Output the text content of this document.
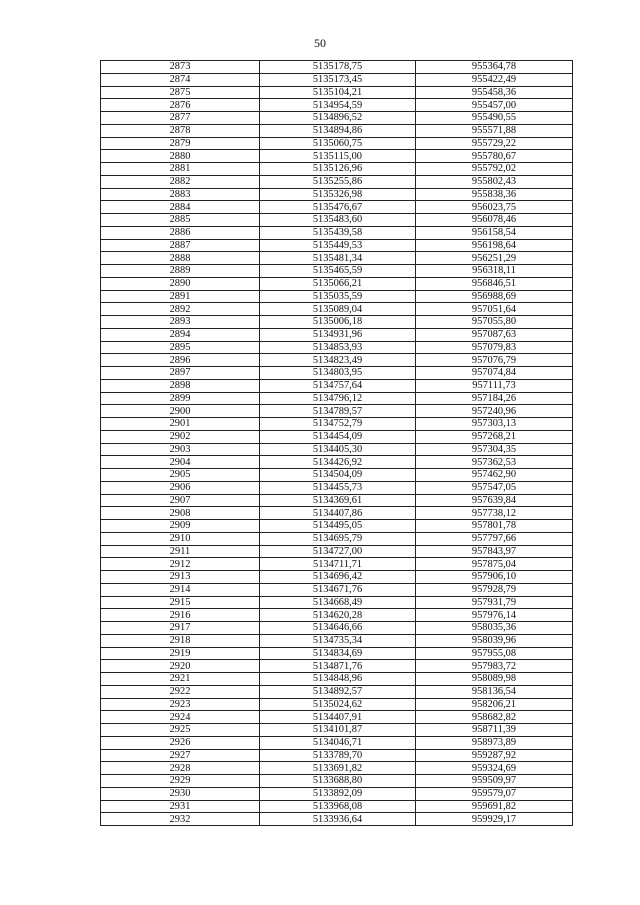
50
2873	5135178,75	955364,78
2874	5135173,45	955422,49
2875	5135104,21	955458,36
2876	5134954,59	955457,00
2877	5134896,52	955490,55
2878	5134894,86	955571,88
2879	5135060,75	955729,22
2880	5135115,00	955780,67
2881	5135126,96	955792,02
2882	5135255,86	955802,43
2883	5135326,98	955838,36
2884	5135476,67	956023,75
2885	5135483,60	956078,46
2886	5135439,58	956158,54
2887	5135449,53	956198,64
2888	5135481,34	956251,29
2889	5135465,59	956318,11
2890	5135066,21	956846,51
2891	5135035,59	956988,69
2892	5135089,04	957051,64
2893	5135006,18	957055,80
2894	5134931,96	957087,63
2895	5134853,93	957079,83
2896	5134823,49	957076,79
2897	5134803,95	957074,84
2898	5134757,64	957111,73
2899	5134796,12	957184,26
2900	5134789,57	957240,96
2901	5134752,79	957303,13
2902	5134454,09	957268,21
2903	5134405,30	957304,35
2904	5134426,92	957362,53
2905	5134504,09	957462,90
2906	5134455,73	957547,05
2907	5134369,61	957639,84
2908	5134407,86	957738,12
2909	5134495,05	957801,78
2910	5134695,79	957797,66
2911	5134727,00	957843,97
2912	5134711,71	957875,04
2913	5134696,42	957906,10
2914	5134671,76	957928,79
2915	5134668,49	957931,79
2916	5134620,28	957976,14
2917	5134646,66	958035,36
2918	5134735,34	958039,96
2919	5134834,69	957955,08
2920	5134871,76	957983,72
2921	5134848,96	958089,98
2922	5134892,57	958136,54
2923	5135024,62	958206,21
2924	5134407,91	958682,82
2925	5134101,87	958711,39
2926	5134046,71	958973,89
2927	5133789,70	959287,92
2928	5133691,82	959324,69
2929	5133688,80	959509,97
2930	5133892,09	959579,07
2931	5133968,08	959691,82
2932	5133936,64	959929,17
